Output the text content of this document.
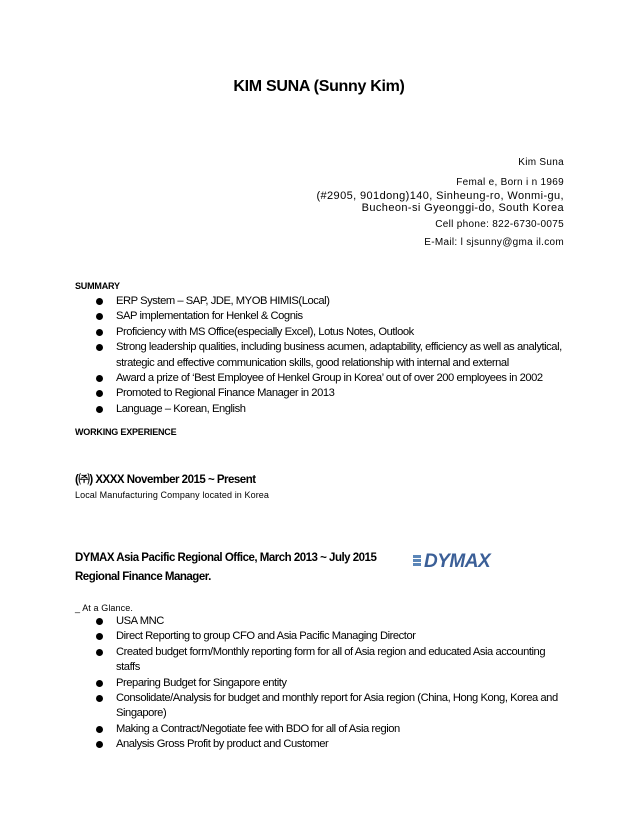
KIM SUNA (Sunny Kim)
Kim Suna
Femal e, Born i n 1969
(#2905, 901dong)140, Sinheung-ro, Wonmi-gu,
Bucheon-si Gyeonggi-do, South Korea
Cell phone: 822-6730-0075
E-Mail: l sjsunny@gma il.com
SUMMARY
ERP System – SAP, JDE, MYOB HIMIS(Local)
SAP implementation for Henkel & Cognis
Proficiency with MS Office(especially Excel), Lotus Notes, Outlook
Strong leadership qualities, including business acumen, adaptability, efficiency as well as analytical, strategic and effective communication skills, good relationship with internal and external
Award a prize of ‘Best Employee of Henkel Group in Korea’ out of over 200 employees in 2002
Promoted to Regional Finance Manager in 2013
Language – Korean, English
WORKING EXPERIENCE
(㈜) XXXX November 2015 ~ Present
Local Manufacturing Company located in Korea
DYMAX Asia Pacific Regional Office, March 2013 ~ July 2015
Regional Finance Manager.
DYMAX
_ At a Glance.
USA MNC
Direct Reporting to group CFO and Asia Pacific Managing Director
Created budget form/Monthly reporting form for all of Asia region and educated Asia accounting staffs
Preparing Budget for Singapore entity
Consolidate/Analysis for budget and monthly report for Asia region (China, Hong Kong, Korea and Singapore)
Making a Contract/Negotiate fee with BDO for all of Asia region
Analysis Gross Profit by product and Customer
